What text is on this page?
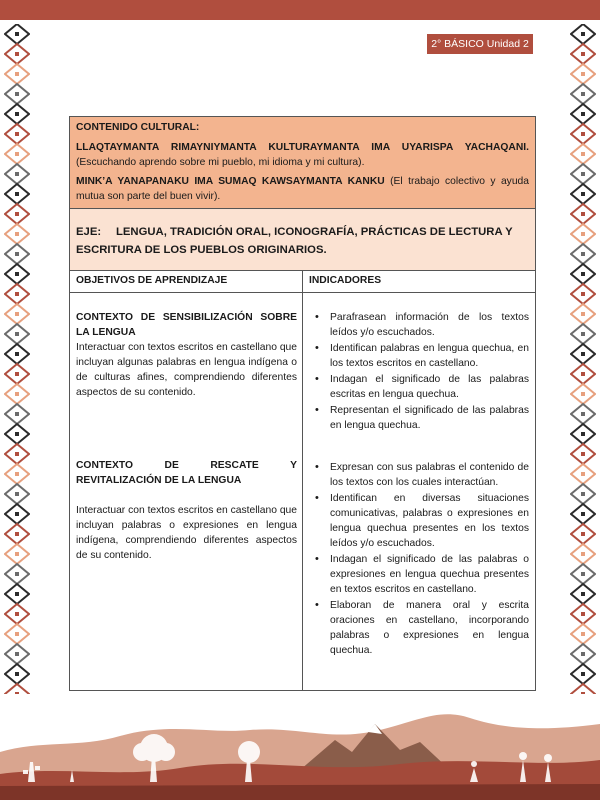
2° BÁSICO Unidad 2
CONTENIDO CULTURAL:

LLAQTAYMANTA RIMAYNIYMANTA KULTURAYMANTA IMA UYARISPA YACHAQANI. (Escuchando aprendo sobre mi pueblo, mi idioma y mi cultura).

MINK’A YANAPANAKU IMA SUMAQ KAWSAYMANTA KANKU (El trabajo colectivo y ayuda mutua son parte del buen vivir).

EJE: LENGUA, TRADICIÓN ORAL, ICONOGRAFÍA, PRÁCTICAS DE LECTURA Y ESCRITURA DE LOS PUEBLOS ORIGINARIOS.
OBJETIVOS DE APRENDIZAJE	INDICADORES
CONTEXTO DE SENSIBILIZACIÓN SOBRE LA LENGUA
Interactuar con textos escritos en castellano que incluyan algunas palabras en lengua indígena o de culturas afines, comprendiendo diferentes aspectos de su contenido.
CONTEXTO DE RESCATE Y REVITALIZACIÓN DE LA LENGUA
Interactuar con textos escritos en castellano que incluyan palabras o expresiones en lengua indígena, comprendiendo diferentes aspectos de su contenido.
• Parafrasean información de los textos leídos y/o escuchados.
• Identifican palabras en lengua quechua, en los textos escritos en castellano.
• Indagan el significado de las palabras escritas en lengua quechua.
• Representan el significado de las palabras en lengua quechua.
• Expresan con sus palabras el contenido de los textos con los cuales interactúan.
• Identifican en diversas situaciones comunicativas, palabras o expresiones en lengua quechua presentes en los textos leídos y/o escuchados.
• Indagan el significado de las palabras o expresiones en lengua quechua presentes en textos escritos en castellano.
• Elaboran de manera oral y escrita oraciones en castellano, incorporando palabras o expresiones en lengua quechua.
